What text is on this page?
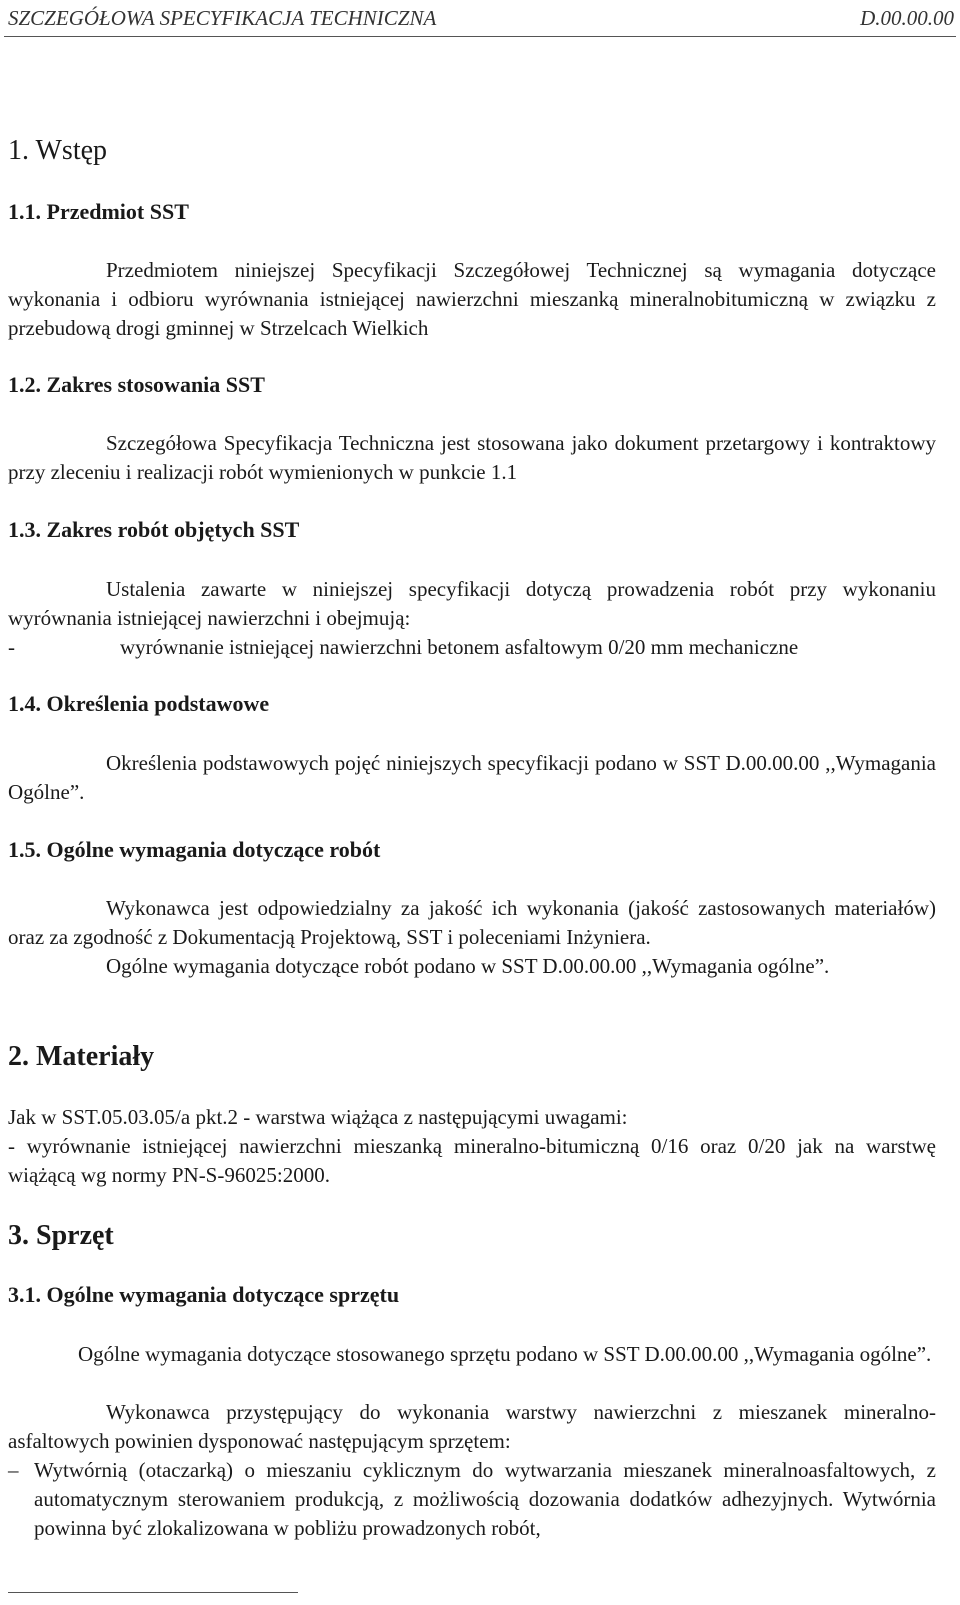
SZCZEGÓŁOWA SPECYFIKACJA TECHNICZNA	D.00.00.00
1. Wstęp
1.1. Przedmiot SST

Przedmiotem niniejszej Specyfikacji Szczegółowej Technicznej są wymagania dotyczące wykonania i odbioru wyrównania istniejącej nawierzchni mieszanką mineralnobitumiczną w związku z przebudową drogi gminnej w Strzelcach Wielkich

1.2. Zakres stosowania SST

Szczegółowa Specyfikacja Techniczna jest stosowana jako dokument przetargowy i kontraktowy przy zleceniu i realizacji robót wymienionych w punkcie 1.1

1.3. Zakres robót objętych SST

Ustalenia zawarte w niniejszej specyfikacji dotyczą prowadzenia robót przy wykonaniu wyrównania istniejącej nawierzchni i obejmują:

-	wyrównanie istniejącej nawierzchni betonem asfaltowym 0/20 mm mechaniczne

1.4. Określenia podstawowe

Określenia podstawowych pojęć niniejszych specyfikacji podano w SST D.00.00.00 ,,Wymagania Ogólne”.

1.5. Ogólne wymagania dotyczące robót

Wykonawca jest odpowiedzialny za jakość ich wykonania (jakość zastosowanych materiałów) oraz za zgodność z Dokumentacją Projektową, SST i poleceniami Inżyniera.

Ogólne wymagania dotyczące robót podano w SST D.00.00.00 ,,Wymagania ogólne”.

2. Materiały

Jak w SST.05.03.05/a pkt.2 - warstwa wiążąca z następującymi uwagami:

- wyrównanie istniejącej nawierzchni mieszanką mineralno-bitumiczną 0/16 oraz 0/20 jak na warstwę wiążącą wg normy PN-S-96025:2000.

3. Sprzęt
3.1. Ogólne wymagania dotyczące sprzętu

Ogólne wymagania dotyczące stosowanego sprzętu podano w SST D.00.00.00 ,,Wymagania ogólne”.

Wykonawca przystępujący do wykonania warstwy nawierzchni z mieszanek mineralno-asfaltowych powinien dysponować następującym sprzętem:

– Wytwórnią (otaczarką) o mieszaniu cyklicznym do wytwarzania mieszanek mineralnoasfaltowych, z automatycznym sterowaniem produkcją, z możliwością dozowania dodatków adhezyjnych. Wytwórnia powinna być zlokalizowana w pobliżu prowadzonych robót,
